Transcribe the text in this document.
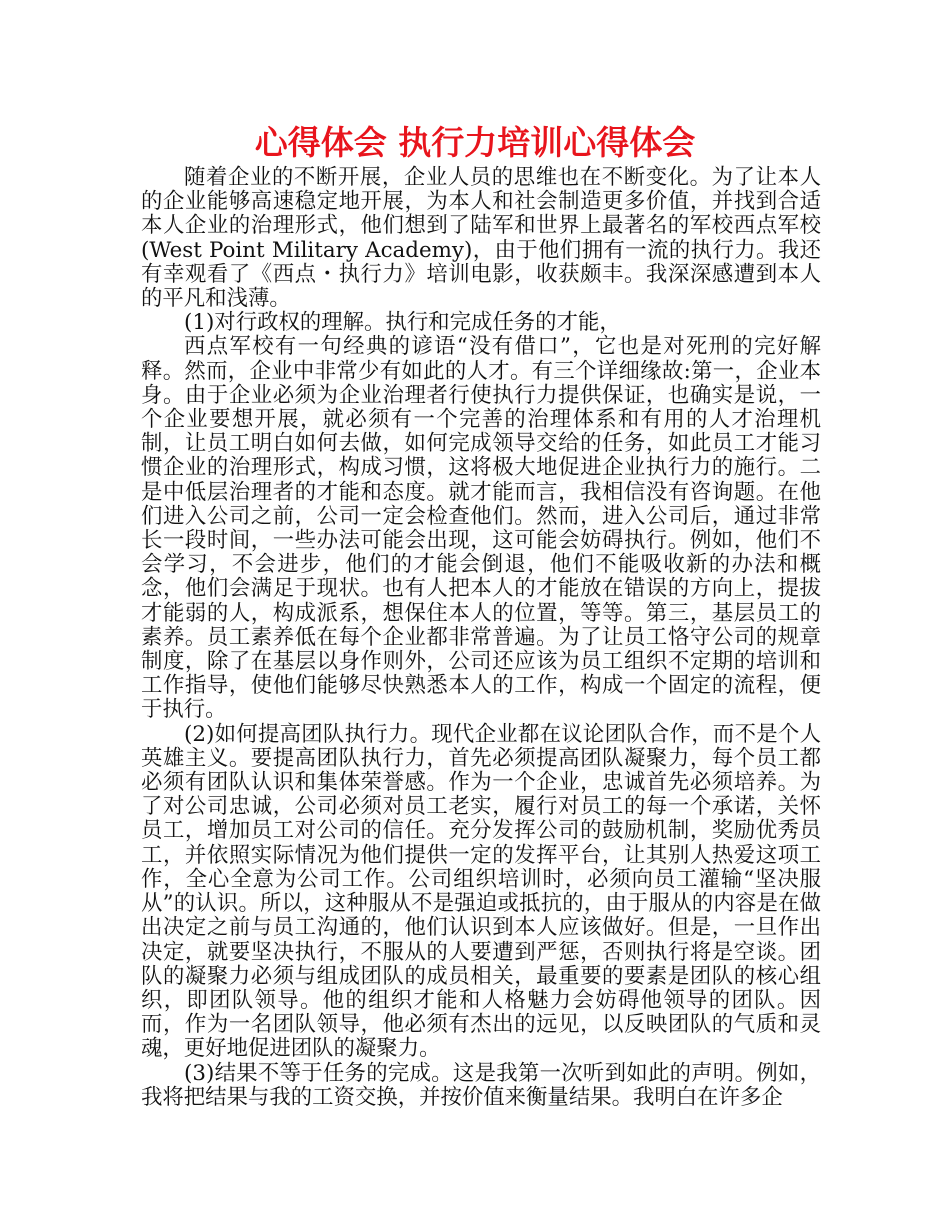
心得体会 执行力培训心得体会

随着企业的不断开展，企业人员的思维也在不断变化。为了让本人的企业能够高速稳定地开展，为本人和社会制造更多价值，并找到合适本人企业的治理形式，他们想到了陆军和世界上最著名的军校西点军校(West Point Military Academy)，由于他们拥有一流的执行力。我还有幸观看了《西点・执行力》培训电影，收获颇丰。我深深感遭到本人的平凡和浅薄。

(1)对行政权的理解。执行和完成任务的才能，

西点军校有一句经典的谚语“没有借口”，它也是对死刑的完好解释。然而，企业中非常少有如此的人才。有三个详细缘故:第一，企业本身。由于企业必须为企业治理者行使执行力提供保证，也确实是说，一个企业要想开展，就必须有一个完善的治理体系和有用的人才治理机制，让员工明白如何去做，如何完成领导交给的任务，如此员工才能习惯企业的治理形式，构成习惯，这将极大地促进企业执行力的施行。二是中低层治理者的才能和态度。就才能而言，我相信没有咨询题。在他们进入公司之前，公司一定会检查他们。然而，进入公司后，通过非常长一段时间，一些办法可能会出现，这可能会妨碍执行。例如，他们不会学习，不会进步，他们的才能会倒退，他们不能吸收新的办法和概念，他们会满足于现状。也有人把本人的才能放在错误的方向上，提拔才能弱的人，构成派系，想保住本人的位置，等等。第三，基层员工的素养。员工素养低在每个企业都非常普遍。为了让员工恪守公司的规章制度，除了在基层以身作则外，公司还应该为员工组织不定期的培训和工作指导，使他们能够尽快熟悉本人的工作，构成一个固定的流程，便于执行。

(2)如何提高团队执行力。现代企业都在议论团队合作，而不是个人英雄主义。要提高团队执行力，首先必须提高团队凝聚力，每个员工都必须有团队认识和集体荣誉感。作为一个企业，忠诚首先必须培养。为了对公司忠诚，公司必须对员工老实，履行对员工的每一个承诺，关怀员工，增加员工对公司的信任。充分发挥公司的鼓励机制，奖励优秀员工，并依照实际情况为他们提供一定的发挥平台，让其别人热爱这项工作，全心全意为公司工作。公司组织培训时，必须向员工灌输“坚决服从”的认识。所以，这种服从不是强迫或抵抗的，由于服从的内容是在做出决定之前与员工沟通的，他们认识到本人应该做好。但是，一旦作出决定，就要坚决执行，不服从的人要遭到严惩，否则执行将是空谈。团队的凝聚力必须与组成团队的成员相关，最重要的要素是团队的核心组织，即团队领导。他的组织才能和人格魅力会妨碍他领导的团队。因而，作为一名团队领导，他必须有杰出的远见，以反映团队的气质和灵魂，更好地促进团队的凝聚力。

(3)结果不等于任务的完成。这是我第一次听到如此的声明。例如，我将把结果与我的工资交换，并按价值来衡量结果。我明白在许多企
